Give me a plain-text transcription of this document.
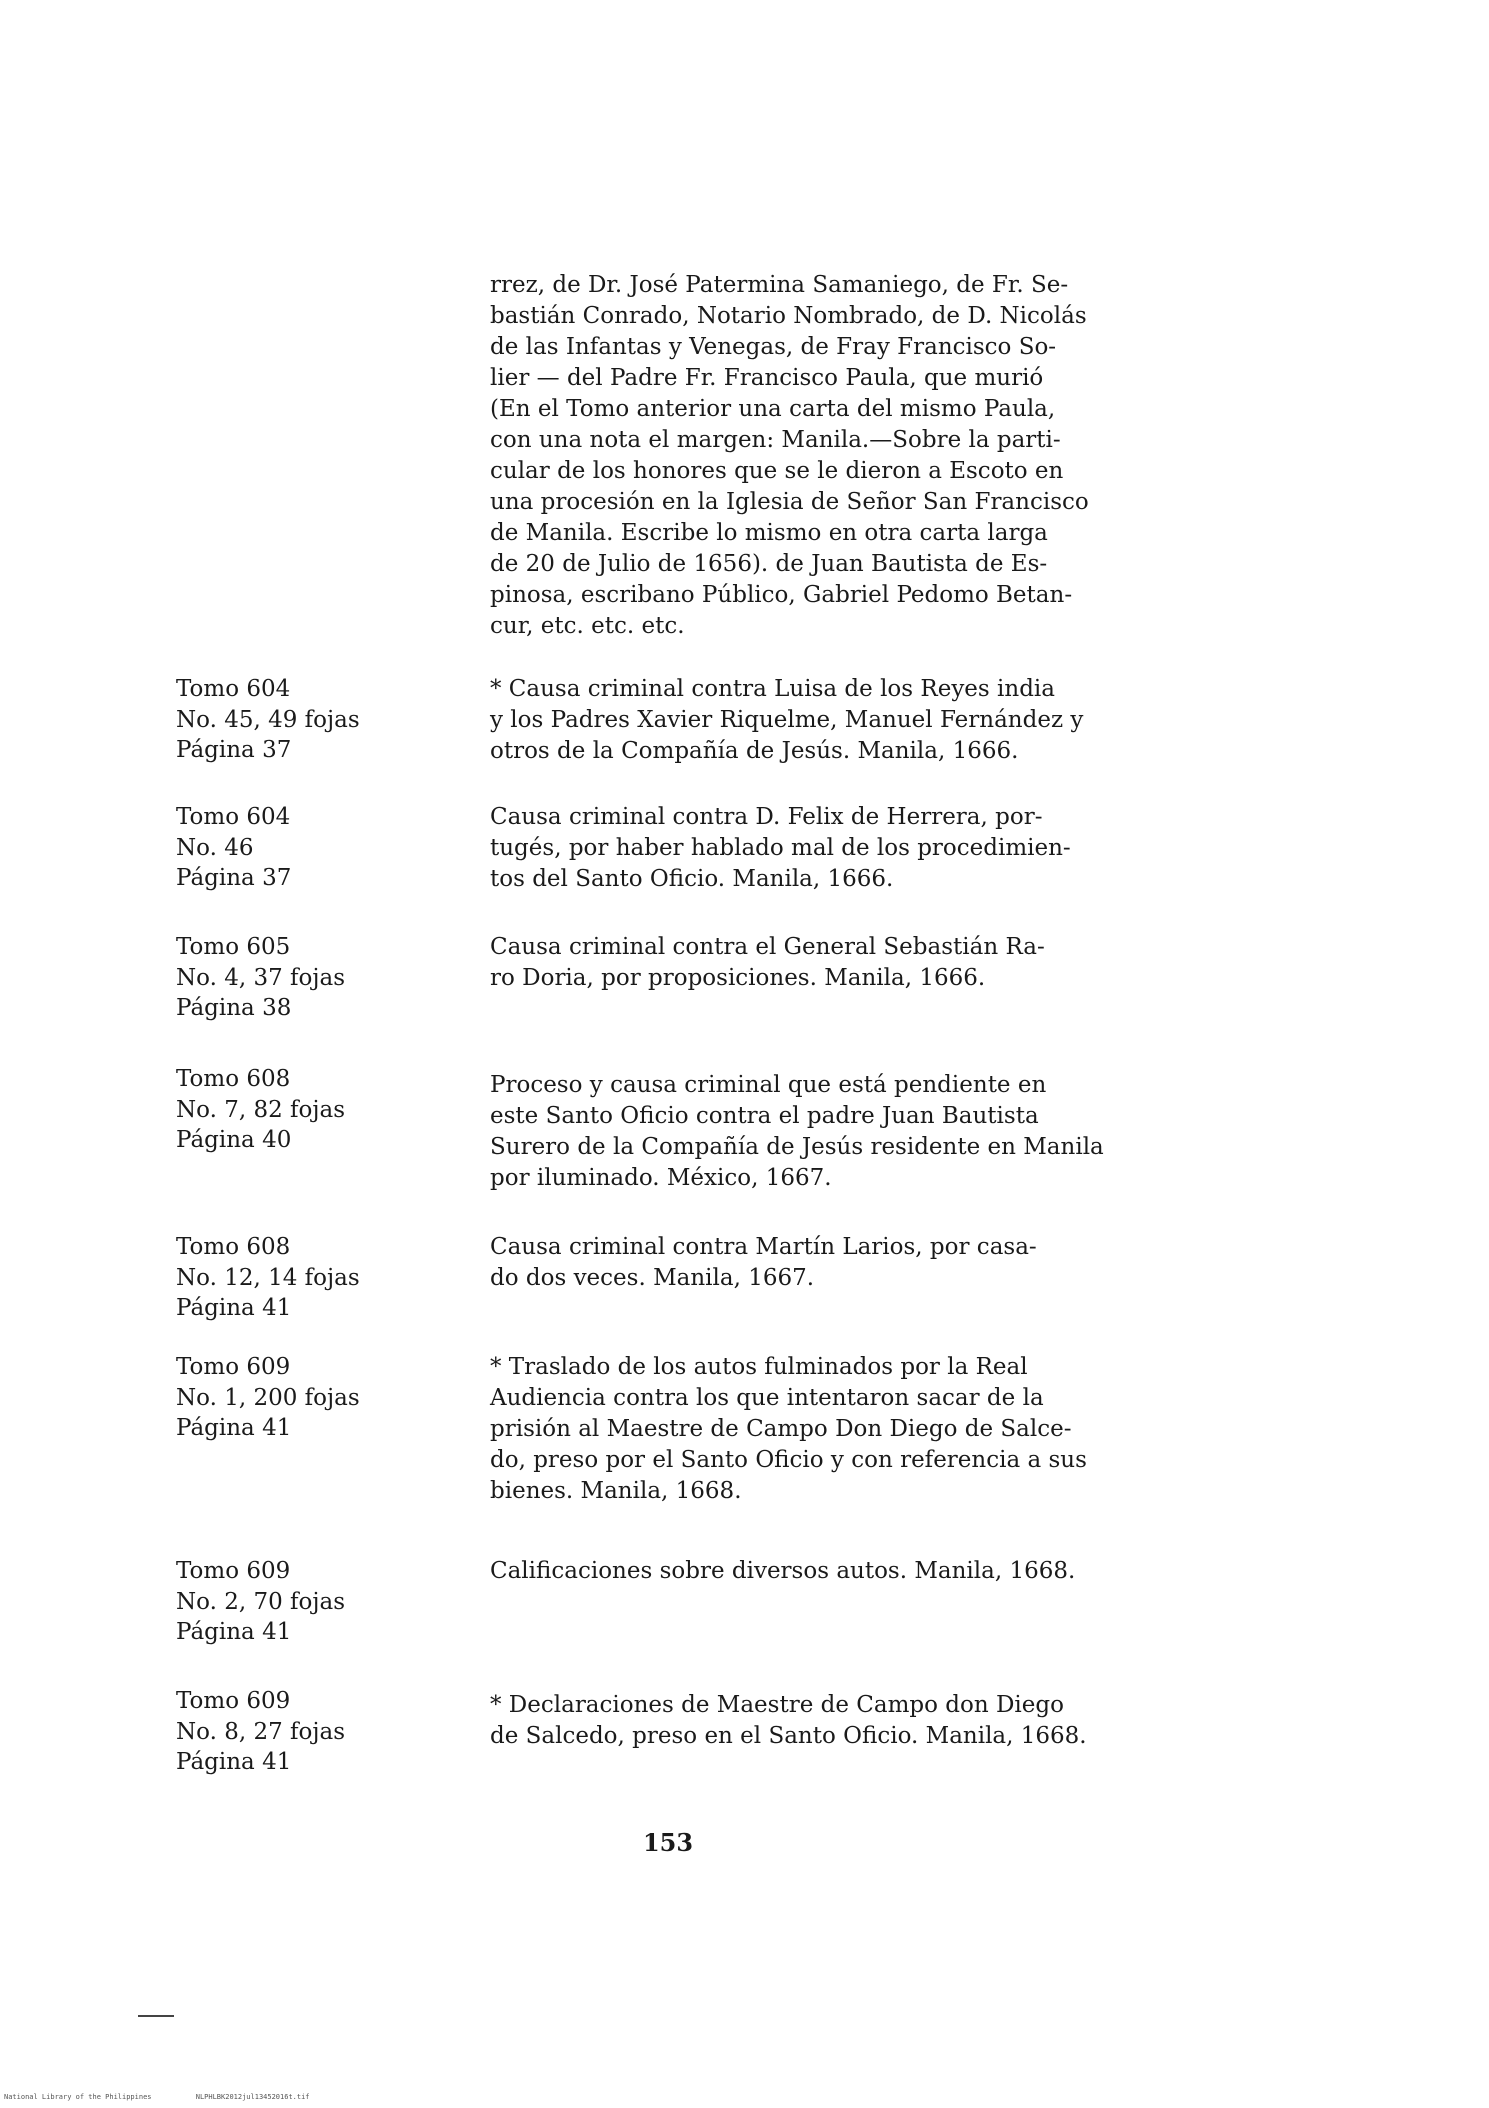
rrez, de Dr. José Patermina Samaniego, de Fr. Se-
bastián Conrado, Notario Nombrado, de D. Nicolás
de las Infantas y Venegas, de Fray Francisco So-
lier — del Padre Fr. Francisco Paula, que murió
(En el Tomo anterior una carta del mismo Paula,
con una nota el margen: Manila.—Sobre la parti-
cular de los honores que se le dieron a Escoto en
una procesión en la Iglesia de Señor San Francisco
de Manila. Escribe lo mismo en otra carta larga
de 20 de Julio de 1656). de Juan Bautista de Es-
pinosa, escribano Público, Gabriel Pedomo Betan-
cur, etc. etc. etc.
Tomo 604
No. 45, 49 fojas
Página 37
* Causa criminal contra Luisa de los Reyes india
y los Padres Xavier Riquelme, Manuel Fernández y
otros de la Compañía de Jesús. Manila, 1666.
Tomo 604
No. 46
Página 37
Causa criminal contra D. Felix de Herrera, por-
tugés, por haber hablado mal de los procedimien-
tos del Santo Oficio. Manila, 1666.
Tomo 605
No. 4, 37 fojas
Página 38
Causa criminal contra el General Sebastián Ra-
ro Doria, por proposiciones. Manila, 1666.
Tomo 608
No. 7, 82 fojas
Página 40
Proceso y causa criminal que está pendiente en
este Santo Oficio contra el padre Juan Bautista
Surero de la Compañía de Jesús residente en Manila
por iluminado. México, 1667.
Tomo 608
No. 12, 14 fojas
Página 41
Causa criminal contra Martín Larios, por casa-
do dos veces. Manila, 1667.
Tomo 609
No. 1, 200 fojas
Página 41
* Traslado de los autos fulminados por la Real
Audiencia contra los que intentaron sacar de la
prisión al Maestre de Campo Don Diego de Salce-
do, preso por el Santo Oficio y con referencia a sus
bienes. Manila, 1668.
Tomo 609
No. 2, 70 fojas
Página 41
Calificaciones sobre diversos autos. Manila, 1668.
Tomo 609
No. 8, 27 fojas
Página 41
* Declaraciones de Maestre de Campo don Diego
de Salcedo, preso en el Santo Oficio. Manila, 1668.
153
National Library of the Philippines	NLPHLBK2012jul13452016t.tif
